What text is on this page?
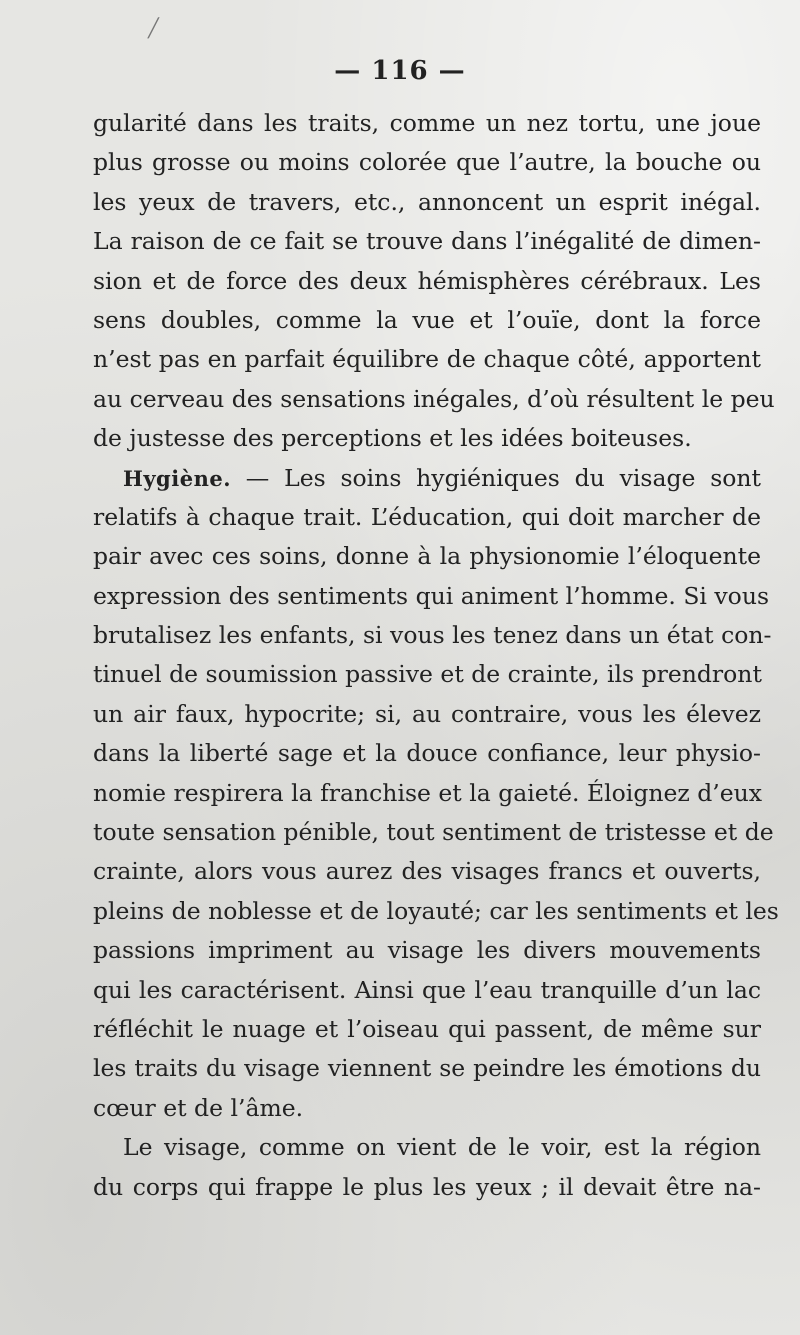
╱
— 116 —
gularité dans les traits, comme un nez tortu, une joue
plus grosse ou moins colorée que l’autre, la bouche ou
les yeux de travers, etc., annoncent un esprit inégal.
La raison de ce fait se trouve dans l’inégalité de dimen-
sion et de force des deux hémisphères cérébraux. Les
sens doubles, comme la vue et l’ouïe, dont la force
n’est pas en parfait équilibre de chaque côté, apportent
au cerveau des sensations inégales, d’où résultent le peu
de justesse des perceptions et les idées boiteuses.
Hygiène. — Les soins hygiéniques du visage sont
relatifs à chaque trait. L’éducation, qui doit marcher de
pair avec ces soins, donne à la physionomie l’éloquente
expression des sentiments qui animent l’homme. Si vous
brutalisez les enfants, si vous les tenez dans un état con-
tinuel de soumission passive et de crainte, ils prendront
un air faux, hypocrite; si, au contraire, vous les élevez
dans la liberté sage et la douce confiance, leur physio-
nomie respirera la franchise et la gaieté. Éloignez d’eux
toute sensation pénible, tout sentiment de tristesse et de
crainte, alors vous aurez des visages francs et ouverts,
pleins de noblesse et de loyauté; car les sentiments et les
passions impriment au visage les divers mouvements
qui les caractérisent. Ainsi que l’eau tranquille d’un lac
réfléchit le nuage et l’oiseau qui passent, de même sur
les traits du visage viennent se peindre les émotions du
cœur et de l’âme.
Le visage, comme on vient de le voir, est la région
du corps qui frappe le plus les yeux ; il devait être na-
